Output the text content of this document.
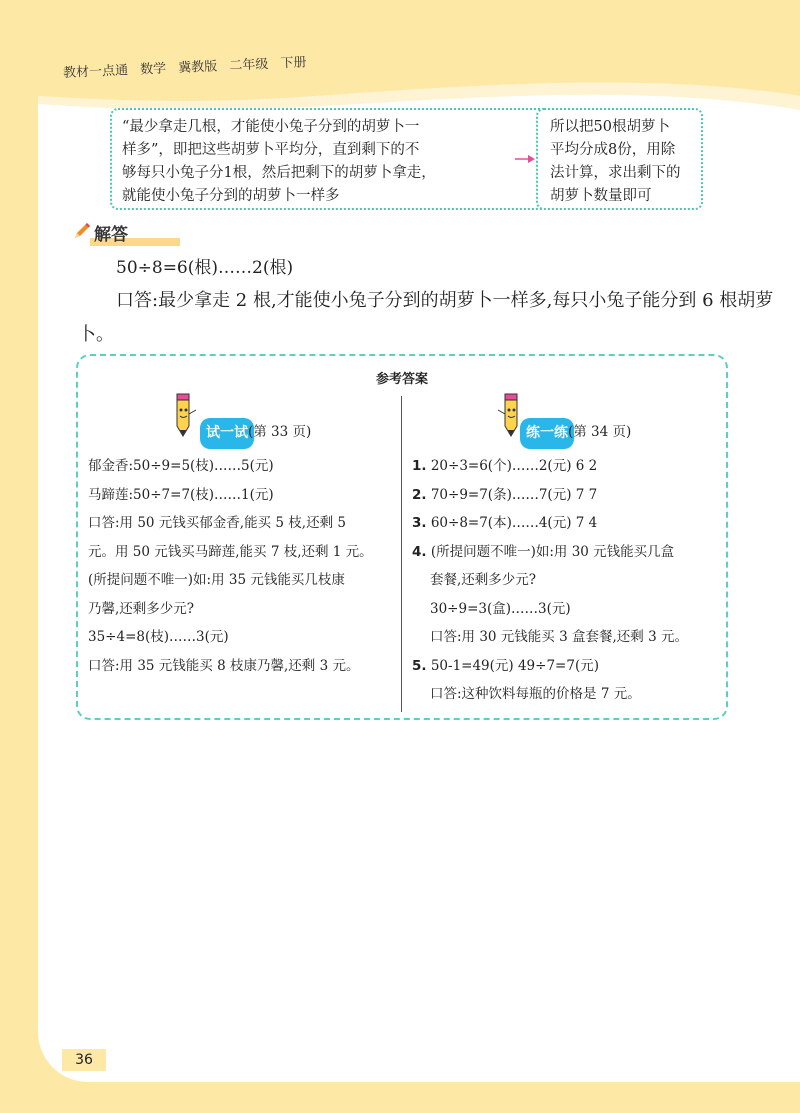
教材一点通 数学 冀教版 二年级 下册
“最少拿走几根，才能使小兔子分到的胡萝卜一
样多”，即把这些胡萝卜平均分，直到剩下的不
够每只小兔子分1根，然后把剩下的胡萝卜拿走，
就能使小兔子分到的胡萝卜一样多
所以把50根胡萝卜
平均分成8份，用除
法计算，求出剩下的
胡萝卜数量即可
解答
50÷8=6(根)……2(根)
口答:最少拿走 2 根,才能使小兔子分到的胡萝卜一样多,每只小兔子能分到 6 根胡萝卜。
参考答案
试一试 (第 33 页)
郁金香:50÷9=5(枝)……5(元)
马蹄莲:50÷7=7(枝)……1(元)
口答:用 50 元钱买郁金香,能买 5 枝,还剩 5
元。用 50 元钱买马蹄莲,能买 7 枝,还剩 1 元。
(所提问题不唯一)如:用 35 元钱能买几枝康
乃馨,还剩多少元?
35÷4=8(枝)……3(元)
口答:用 35 元钱能买 8 枝康乃馨,还剩 3 元。
练一练 (第 34 页)
1. 20÷3=6(个)……2(元) 6 2
2. 70÷9=7(条)……7(元) 7 7
3. 60÷8=7(本)……4(元) 7 4
4. (所提问题不唯一)如:用 30 元钱能买几盒
套餐,还剩多少元?
30÷9=3(盒)……3(元)
口答:用 30 元钱能买 3 盒套餐,还剩 3 元。
5. 50-1=49(元) 49÷7=7(元)
口答:这种饮料每瓶的价格是 7 元。
36
